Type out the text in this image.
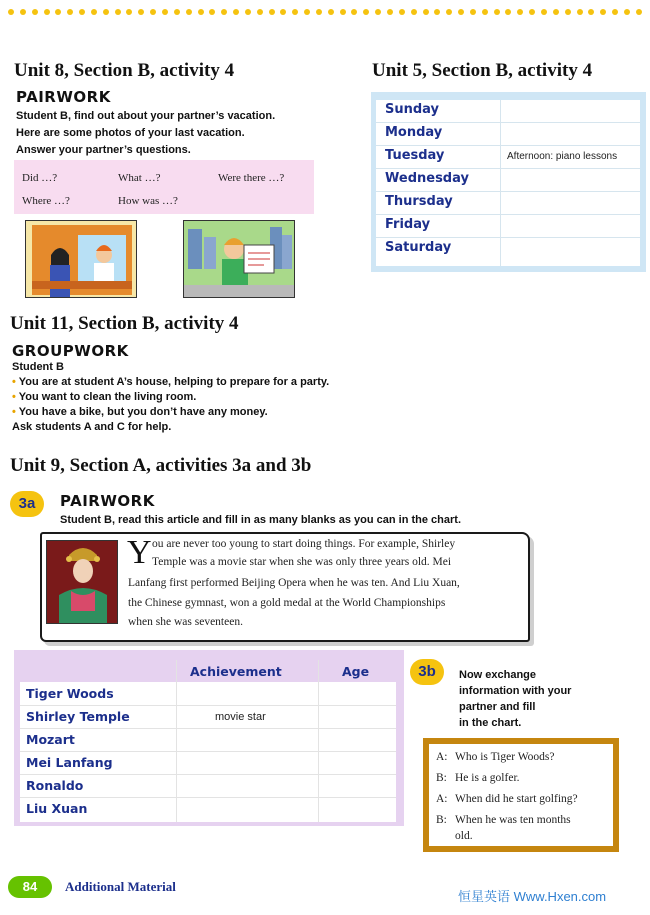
Unit 8, Section B, activity 4
PAIRWORK
Student B, find out about your partner’s vacation.
Here are some photos of your last vacation.
Answer your partner’s questions.
Did …?	What …?	Were there …?
Where …?	How was …?
Unit 5, Section B, activity 4
Sunday
Monday
Tuesday	Afternoon: piano lessons
Wednesday
Thursday
Friday
Saturday
Unit 11, Section B, activity 4
GROUPWORK
Student B
• You are at student A’s house, helping to prepare for a party.
• You want to clean the living room.
• You have a bike, but you don’t have any money.
Ask students A and C for help.
Unit 9, Section A, activities 3a and 3b
3a	PAIRWORK
Student B, read this article and fill in as many blanks as you can in the chart.
Y ou are never too young to start doing things. For example, Shirley
Temple was a movie star when she was only three years old. Mei
Lanfang first performed Beijing Opera when he was ten. And Liu Xuan,
the Chinese gymnast, won a gold medal at the World Championships
when she was seventeen.
Achievement	Age
Tiger Woods
Shirley Temple	movie star
Mozart
Mei Lanfang
Ronaldo
Liu Xuan
3b	Now exchange
information with your
partner and fill
in the chart.
A: Who is Tiger Woods?
B: He is a golfer.
A: When did he start golfing?
B: When he was ten months
old.
84	Additional Material
恒星英语 Www.Hxen.com
